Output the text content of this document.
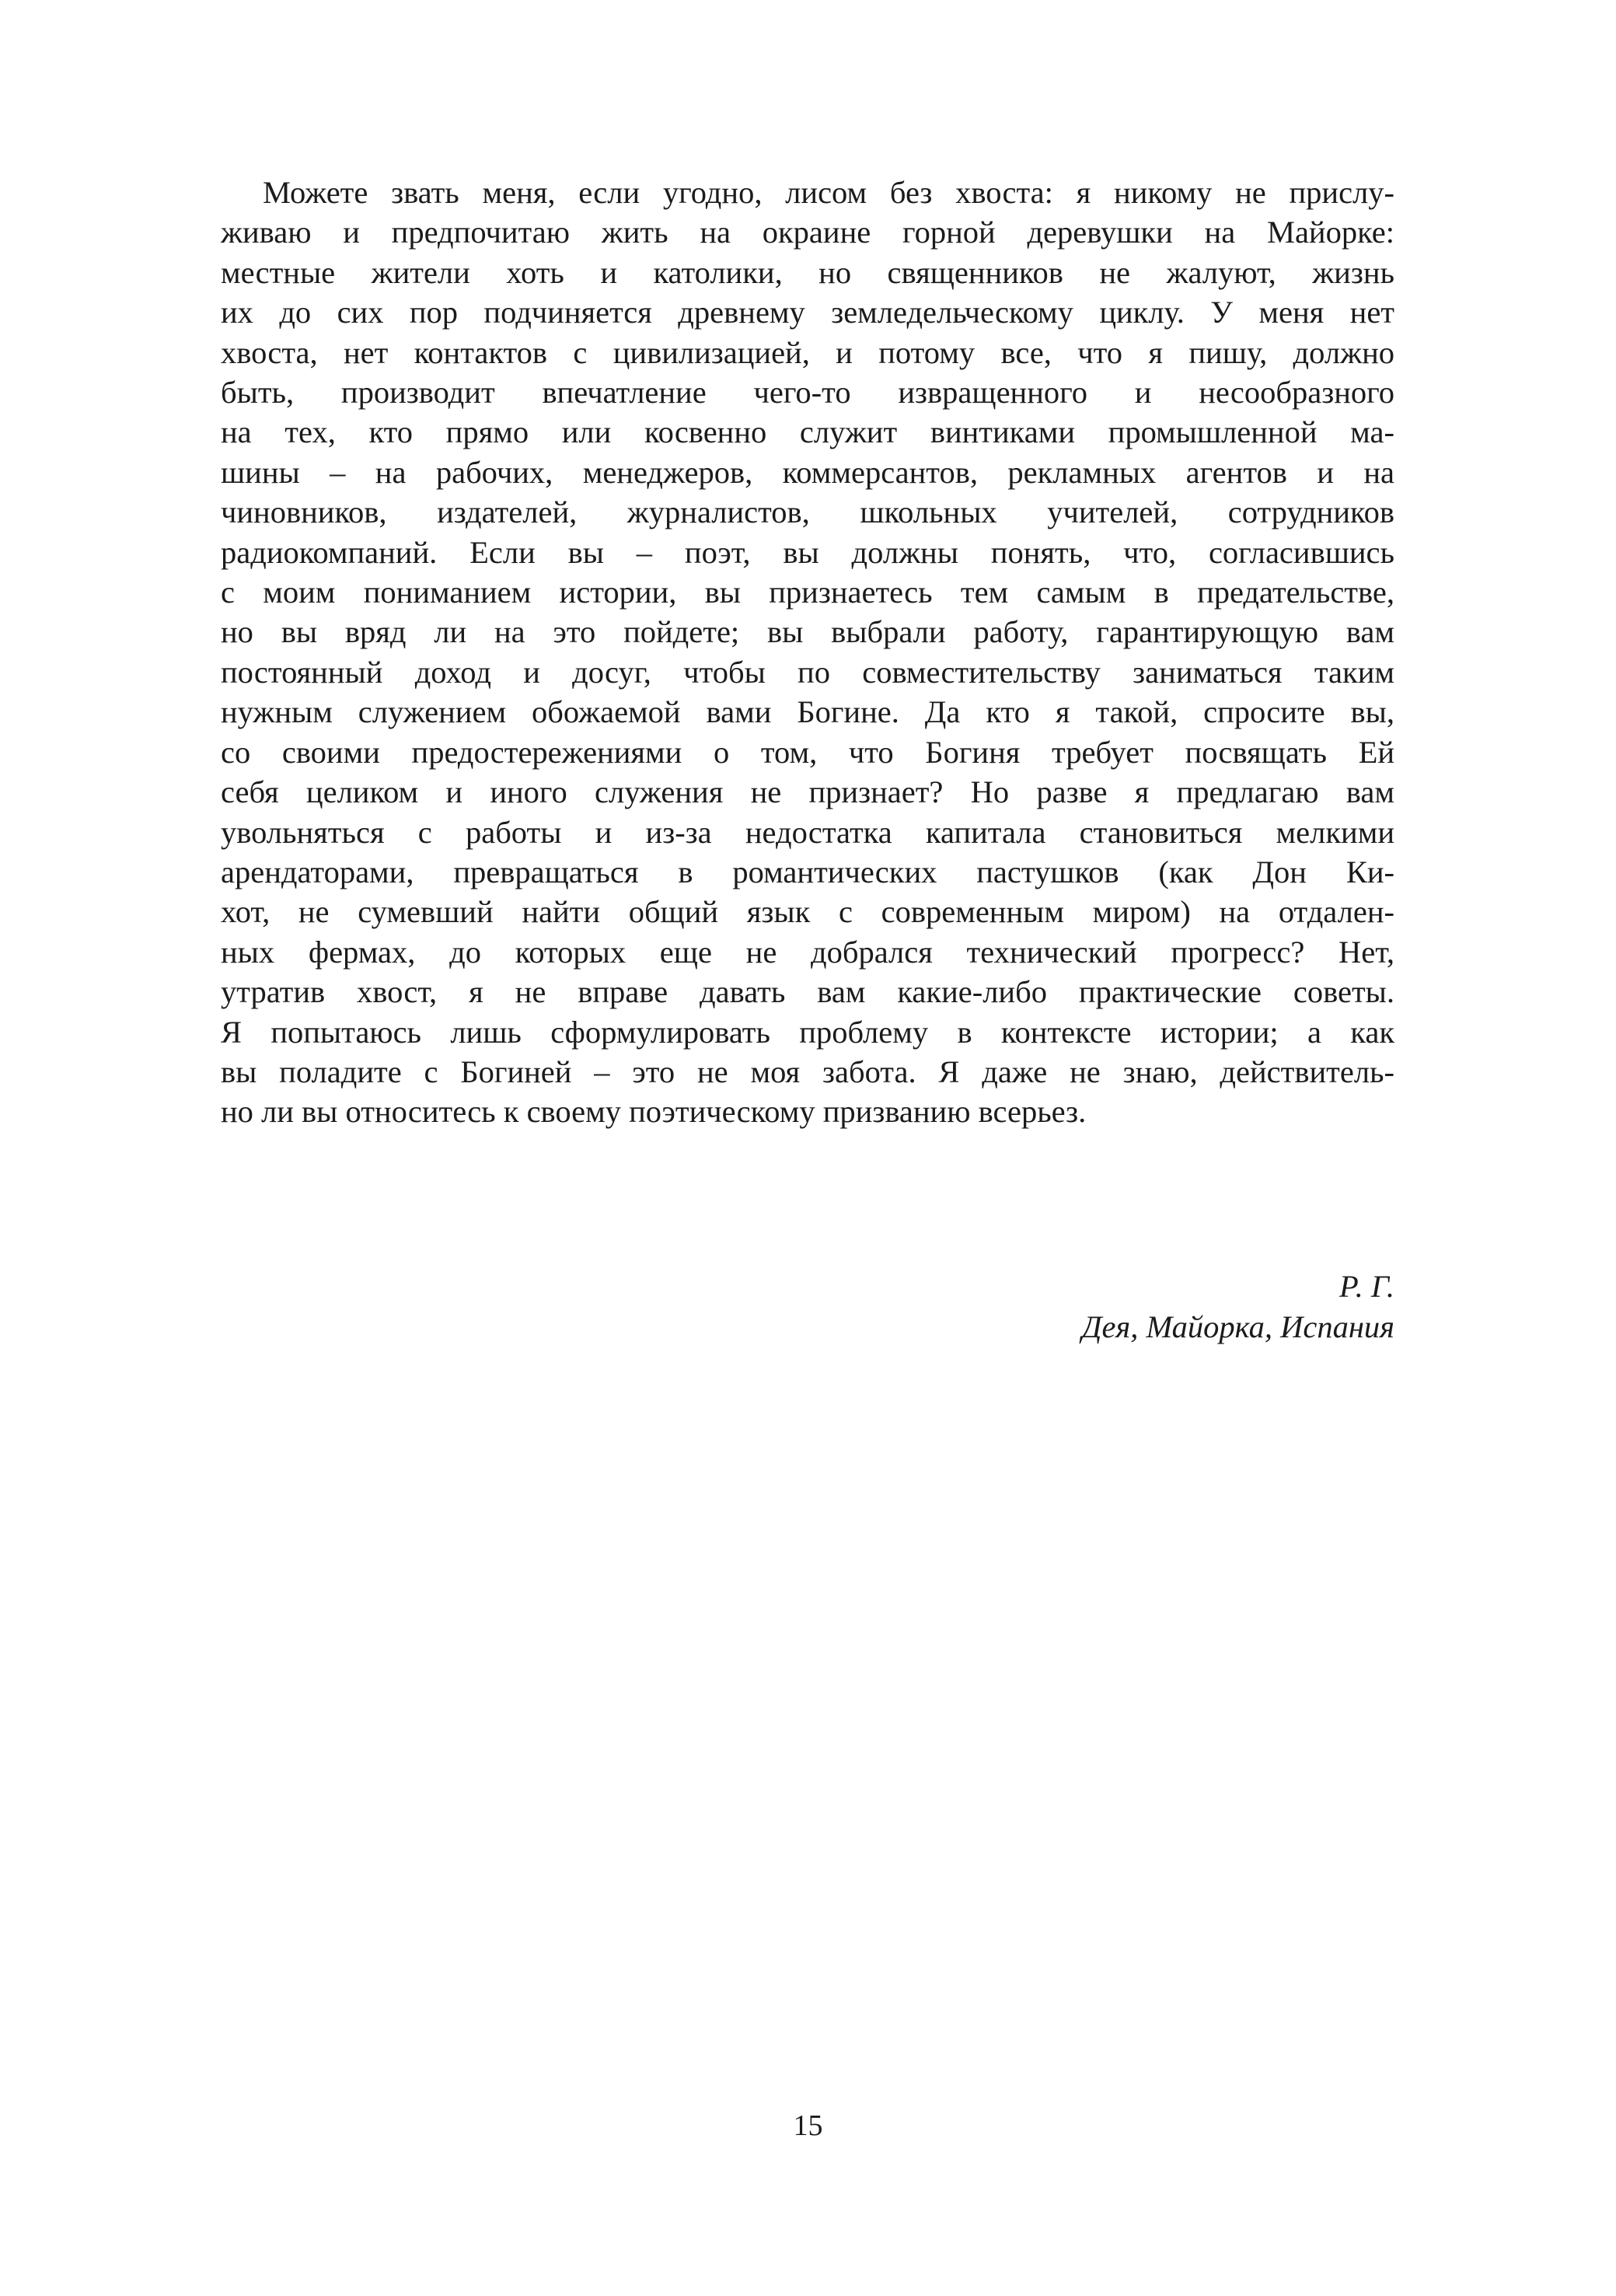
Можете звать меня, если угодно, лисом без хвоста: я никому не прислу-
живаю и предпочитаю жить на окраине горной деревушки на Майорке:
местные жители хоть и католики, но священников не жалуют, жизнь
их до сих пор подчиняется древнему земледельческому циклу. У меня нет
хвоста, нет контактов с цивилизацией, и потому все, что я пишу, должно
быть, производит впечатление чего-то извращенного и несообразного
на тех, кто прямо или косвенно служит винтиками промышленной ма-
шины – на рабочих, менеджеров, коммерсантов, рекламных агентов и на
чиновников, издателей, журналистов, школьных учителей, сотрудников
радиокомпаний. Если вы – поэт, вы должны понять, что, согласившись
с моим пониманием истории, вы признаетесь тем самым в предательстве,
но вы вряд ли на это пойдете; вы выбрали работу, гарантирующую вам
постоянный доход и досуг, чтобы по совместительству заниматься таким
нужным служением обожаемой вами Богине. Да кто я такой, спросите вы,
со своими предостережениями о том, что Богиня требует посвящать Ей
себя целиком и иного служения не признает? Но разве я предлагаю вам
увольняться с работы и из-за недостатка капитала становиться мелкими
арендаторами, превращаться в романтических пастушков (как Дон Ки-
хот, не сумевший найти общий язык с современным миром) на отдален-
ных фермах, до которых еще не добрался технический прогресс? Нет,
утратив хвост, я не вправе давать вам какие-либо практические советы.
Я попытаюсь лишь сформулировать проблему в контексте истории; а как
вы поладите с Богиней – это не моя забота. Я даже не знаю, действитель-
но ли вы относитесь к своему поэтическому призванию всерьез.
Р. Г.
Дея, Майорка, Испания
15
